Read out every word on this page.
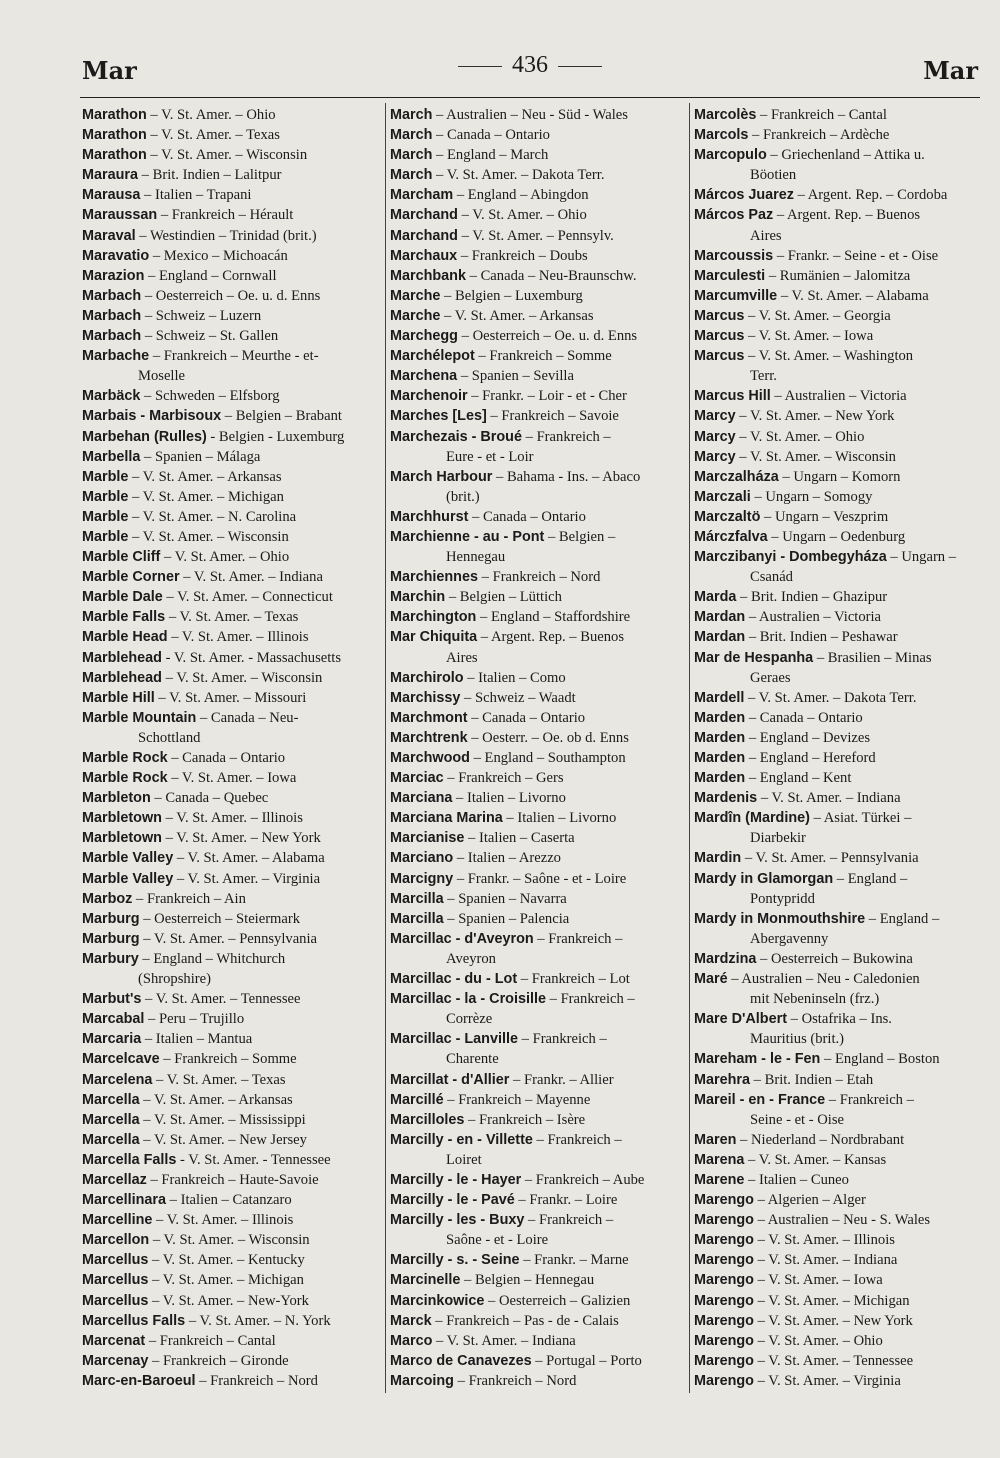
Mar	436	Mar
Marathon – V. St. Amer. – Ohio
Marathon – V. St. Amer. – Texas
Marathon – V. St. Amer. – Wisconsin
Maraura – Brit. Indien – Lalitpur
Marausa – Italien – Trapani
Maraussan – Frankreich – Hérault
Maraval – Westindien – Trinidad (brit.)
Maravatio – Mexico – Michoacán
Marazion – England – Cornwall
Marbach – Oesterreich – Oe. u. d. Enns
Marbach – Schweiz – Luzern
Marbach – Schweiz – St. Gallen
Marbache – Frankreich – Meurthe - et-
Moselle
Marbäck – Schweden – Elfsborg
Marbais - Marbisoux – Belgien – Brabant
Marbehan (Rulles) - Belgien - Luxemburg
Marbella – Spanien – Málaga
Marble – V. St. Amer. – Arkansas
Marble – V. St. Amer. – Michigan
Marble – V. St. Amer. – N. Carolina
Marble – V. St. Amer. – Wisconsin
Marble Cliff – V. St. Amer. – Ohio
Marble Corner – V. St. Amer. – Indiana
Marble Dale – V. St. Amer. – Connecticut
Marble Falls – V. St. Amer. – Texas
Marble Head – V. St. Amer. – Illinois
Marblehead - V. St. Amer. - Massachusetts
Marblehead – V. St. Amer. – Wisconsin
Marble Hill – V. St. Amer. – Missouri
Marble Mountain – Canada – Neu-
Schottland
Marble Rock – Canada – Ontario
Marble Rock – V. St. Amer. – Iowa
Marbleton – Canada – Quebec
Marbletown – V. St. Amer. – Illinois
Marbletown – V. St. Amer. – New York
Marble Valley – V. St. Amer. – Alabama
Marble Valley – V. St. Amer. – Virginia
Marboz – Frankreich – Ain
Marburg – Oesterreich – Steiermark
Marburg – V. St. Amer. – Pennsylvania
Marbury – England – Whitchurch
(Shropshire)
Marbut's – V. St. Amer. – Tennessee
Marcabal – Peru – Trujillo
Marcaria – Italien – Mantua
Marcelcave – Frankreich – Somme
Marcelena – V. St. Amer. – Texas
Marcella – V. St. Amer. – Arkansas
Marcella – V. St. Amer. – Mississippi
Marcella – V. St. Amer. – New Jersey
Marcella Falls - V. St. Amer. - Tennessee
Marcellaz – Frankreich – Haute-Savoie
Marcellinara – Italien – Catanzaro
Marcelline – V. St. Amer. – Illinois
Marcellon – V. St. Amer. – Wisconsin
Marcellus – V. St. Amer. – Kentucky
Marcellus – V. St. Amer. – Michigan
Marcellus – V. St. Amer. – New-York
Marcellus Falls – V. St. Amer. – N. York
Marcenat – Frankreich – Cantal
Marcenay – Frankreich – Gironde
Marc-en-Baroeul – Frankreich – Nord
March – Australien – Neu - Süd - Wales
March – Canada – Ontario
March – England – March
March – V. St. Amer. – Dakota Terr.
Marcham – England – Abingdon
Marchand – V. St. Amer. – Ohio
Marchand – V. St. Amer. – Pennsylv.
Marchaux – Frankreich – Doubs
Marchbank – Canada – Neu-Braunschw.
Marche – Belgien – Luxemburg
Marche – V. St. Amer. – Arkansas
Marchegg – Oesterreich – Oe. u. d. Enns
Marchélepot – Frankreich – Somme
Marchena – Spanien – Sevilla
Marchenoir – Frankr. – Loir - et - Cher
Marches [Les] – Frankreich – Savoie
Marchezais - Broué – Frankreich –
Eure - et - Loir
March Harbour – Bahama - Ins. – Abaco
(brit.)
Marchhurst – Canada – Ontario
Marchienne - au - Pont – Belgien –
Hennegau
Marchiennes – Frankreich – Nord
Marchin – Belgien – Lüttich
Marchington – England – Staffordshire
Mar Chiquita – Argent. Rep. – Buenos
Aires
Marchirolo – Italien – Como
Marchissy – Schweiz – Waadt
Marchmont – Canada – Ontario
Marchtrenk – Oesterr. – Oe. ob d. Enns
Marchwood – England – Southampton
Marciac – Frankreich – Gers
Marciana – Italien – Livorno
Marciana Marina – Italien – Livorno
Marcianise – Italien – Caserta
Marciano – Italien – Arezzo
Marcigny – Frankr. – Saône - et - Loire
Marcilla – Spanien – Navarra
Marcilla – Spanien – Palencia
Marcillac - d'Aveyron – Frankreich –
Aveyron
Marcillac - du - Lot – Frankreich – Lot
Marcillac - la - Croisille – Frankreich –
Corrèze
Marcillac - Lanville – Frankreich –
Charente
Marcillat - d'Allier – Frankr. – Allier
Marcillé – Frankreich – Mayenne
Marcilloles – Frankreich – Isère
Marcilly - en - Villette – Frankreich –
Loiret
Marcilly - le - Hayer – Frankreich – Aube
Marcilly - le - Pavé – Frankr. – Loire
Marcilly - les - Buxy – Frankreich –
Saône - et - Loire
Marcilly - s. - Seine – Frankr. – Marne
Marcinelle – Belgien – Hennegau
Marcinkowice – Oesterreich – Galizien
Marck – Frankreich – Pas - de - Calais
Marco – V. St. Amer. – Indiana
Marco de Canavezes – Portugal – Porto
Marcoing – Frankreich – Nord
Marcolès – Frankreich – Cantal
Marcols – Frankreich – Ardèche
Marcopulo – Griechenland – Attika u.
Böotien
Márcos Juarez – Argent. Rep. – Cordoba
Márcos Paz – Argent. Rep. – Buenos
Aires
Marcoussis – Frankr. – Seine - et - Oise
Marculesti – Rumänien – Jalomitza
Marcumville – V. St. Amer. – Alabama
Marcus – V. St. Amer. – Georgia
Marcus – V. St. Amer. – Iowa
Marcus – V. St. Amer. – Washington
Terr.
Marcus Hill – Australien – Victoria
Marcy – V. St. Amer. – New York
Marcy – V. St. Amer. – Ohio
Marcy – V. St. Amer. – Wisconsin
Marczalháza – Ungarn – Komorn
Marczali – Ungarn – Somogy
Marczaltö – Ungarn – Veszprim
Márczfalva – Ungarn – Oedenburg
Marczibanyi - Dombegyháza – Ungarn –
Csanád
Marda – Brit. Indien – Ghazipur
Mardan – Australien – Victoria
Mardan – Brit. Indien – Peshawar
Mar de Hespanha – Brasilien – Minas
Geraes
Mardell – V. St. Amer. – Dakota Terr.
Marden – Canada – Ontario
Marden – England – Devizes
Marden – England – Hereford
Marden – England – Kent
Mardenis – V. St. Amer. – Indiana
Mardîn (Mardine) – Asiat. Türkei –
Diarbekir
Mardin – V. St. Amer. – Pennsylvania
Mardy in Glamorgan – England –
Pontypridd
Mardy in Monmouthshire – England –
Abergavenny
Mardzina – Oesterreich – Bukowina
Maré – Australien – Neu - Caledonien
mit Nebeninseln (frz.)
Mare D'Albert – Ostafrika – Ins.
Mauritius (brit.)
Mareham - le - Fen – England – Boston
Marehra – Brit. Indien – Etah
Mareil - en - France – Frankreich –
Seine - et - Oise
Maren – Niederland – Nordbrabant
Marena – V. St. Amer. – Kansas
Marene – Italien – Cuneo
Marengo – Algerien – Alger
Marengo – Australien – Neu - S. Wales
Marengo – V. St. Amer. – Illinois
Marengo – V. St. Amer. – Indiana
Marengo – V. St. Amer. – Iowa
Marengo – V. St. Amer. – Michigan
Marengo – V. St. Amer. – New York
Marengo – V. St. Amer. – Ohio
Marengo – V. St. Amer. – Tennessee
Marengo – V. St. Amer. – Virginia
